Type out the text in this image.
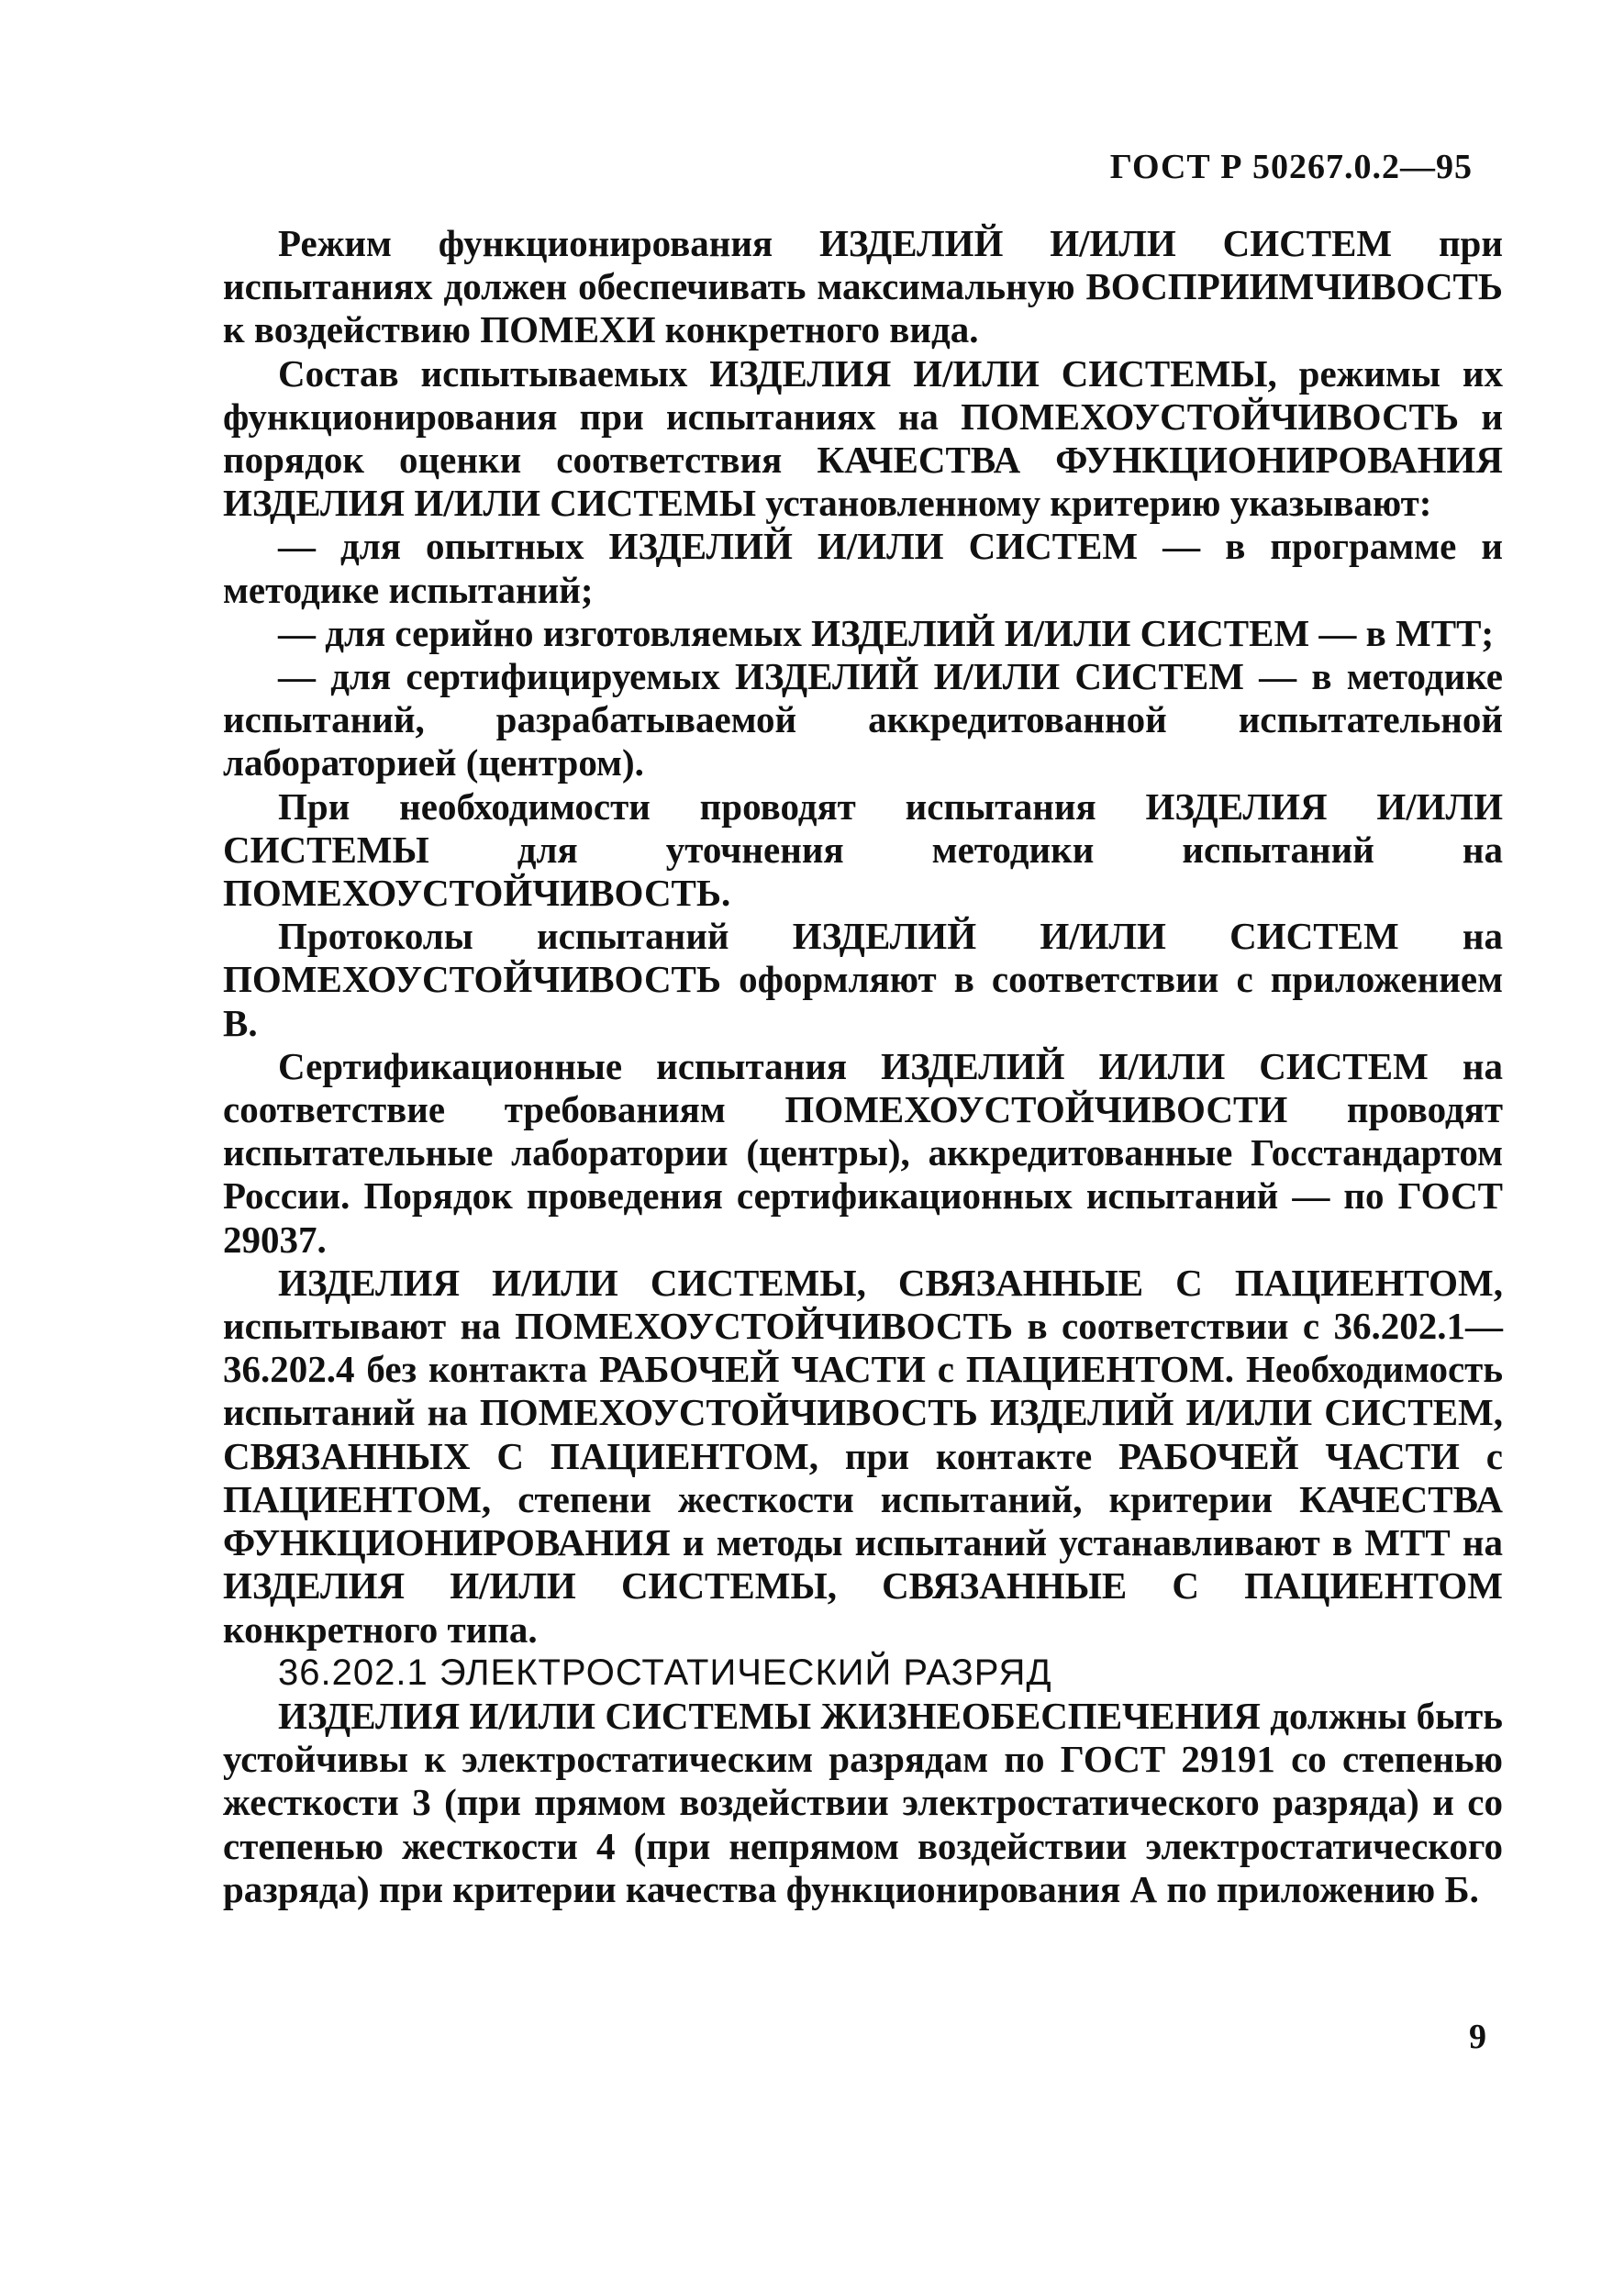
ГОСТ Р 50267.0.2—95

Режим функционирования ИЗДЕЛИЙ И/ИЛИ СИСТЕМ при испытаниях должен обеспечивать максимальную ВОСПРИИМЧИВОСТЬ к воздействию ПОМЕХИ конкретного вида.

Состав испытываемых ИЗДЕЛИЯ И/ИЛИ СИСТЕМЫ, режимы их функционирования при испытаниях на ПОМЕХОУСТОЙЧИВОСТЬ и порядок оценки соответствия КАЧЕСТВА ФУНКЦИОНИРОВАНИЯ ИЗДЕЛИЯ И/ИЛИ СИСТЕМЫ установленному критерию указывают:

— для опытных ИЗДЕЛИЙ И/ИЛИ СИСТЕМ — в программе и методике испытаний;

— для серийно изготовляемых ИЗДЕЛИЙ И/ИЛИ СИСТЕМ — в МТТ;

— для сертифицируемых ИЗДЕЛИЙ И/ИЛИ СИСТЕМ — в методике испытаний, разрабатываемой аккредитованной испытательной лабораторией (центром).

При необходимости проводят испытания ИЗДЕЛИЯ И/ИЛИ СИСТЕМЫ для уточнения методики испытаний на ПОМЕХОУСТОЙЧИВОСТЬ.

Протоколы испытаний ИЗДЕЛИЙ И/ИЛИ СИСТЕМ на ПОМЕХОУСТОЙЧИВОСТЬ оформляют в соответствии с приложением В.

Сертификационные испытания ИЗДЕЛИЙ И/ИЛИ СИСТЕМ на соответствие требованиям ПОМЕХОУСТОЙЧИВОСТИ проводят испытательные лаборатории (центры), аккредитованные Госстандартом России. Порядок проведения сертификационных испытаний — по ГОСТ 29037.

ИЗДЕЛИЯ И/ИЛИ СИСТЕМЫ, СВЯЗАННЫЕ С ПАЦИЕНТОМ, испытывают на ПОМЕХОУСТОЙЧИВОСТЬ в соответствии с 36.202.1—36.202.4 без контакта РАБОЧЕЙ ЧАСТИ с ПАЦИЕНТОМ. Необходимость испытаний на ПОМЕХОУСТОЙЧИВОСТЬ ИЗДЕЛИЙ И/ИЛИ СИСТЕМ, СВЯЗАННЫХ С ПАЦИЕНТОМ, при контакте РАБОЧЕЙ ЧАСТИ с ПАЦИЕНТОМ, степени жесткости испытаний, критерии КАЧЕСТВА ФУНКЦИОНИРОВАНИЯ и методы испытаний устанавливают в МТТ на ИЗДЕЛИЯ И/ИЛИ СИСТЕМЫ, СВЯЗАННЫЕ С ПАЦИЕНТОМ конкретного типа.

36.202.1 ЭЛЕКТРОСТАТИЧЕСКИЙ РАЗРЯД

ИЗДЕЛИЯ И/ИЛИ СИСТЕМЫ ЖИЗНЕОБЕСПЕЧЕНИЯ должны быть устойчивы к электростатическим разрядам по ГОСТ 29191 со степенью жесткости 3 (при прямом воздействии электростатического разряда) и со степенью жесткости 4 (при непрямом воздействии электростатического разряда) при критерии качества функционирования А по приложению Б.

9
